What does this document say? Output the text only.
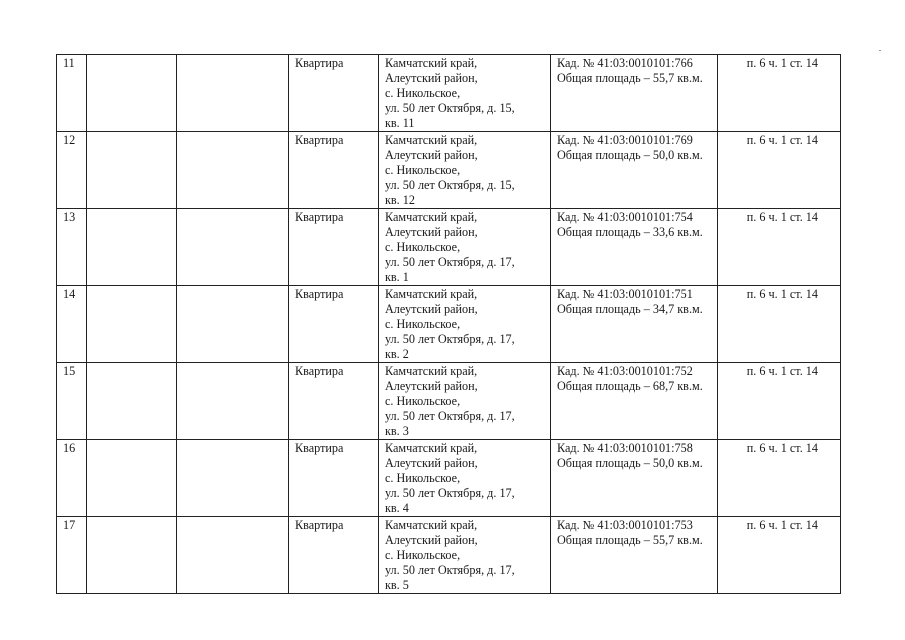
11			Квартира	Камчатский край,
Алеутский район,
с. Никольское,
ул. 50 лет Октября, д. 15,
кв. 11	Кад. № 41:03:0010101:766
Общая площадь – 55,7 кв.м.	п. 6 ч. 1 ст. 14
12			Квартира	Камчатский край,
Алеутский район,
с. Никольское,
ул. 50 лет Октября, д. 15,
кв. 12	Кад. № 41:03:0010101:769
Общая площадь – 50,0 кв.м.	п. 6 ч. 1 ст. 14
13			Квартира	Камчатский край,
Алеутский район,
с. Никольское,
ул. 50 лет Октября, д. 17,
кв. 1	Кад. № 41:03:0010101:754
Общая площадь – 33,6 кв.м.	п. 6 ч. 1 ст. 14
14			Квартира	Камчатский край,
Алеутский район,
с. Никольское,
ул. 50 лет Октября, д. 17,
кв. 2	Кад. № 41:03:0010101:751
Общая площадь – 34,7 кв.м.	п. 6 ч. 1 ст. 14
15			Квартира	Камчатский край,
Алеутский район,
с. Никольское,
ул. 50 лет Октября, д. 17,
кв. 3	Кад. № 41:03:0010101:752
Общая площадь – 68,7 кв.м.	п. 6 ч. 1 ст. 14
16			Квартира	Камчатский край,
Алеутский район,
с. Никольское,
ул. 50 лет Октября, д. 17,
кв. 4	Кад. № 41:03:0010101:758
Общая площадь – 50,0 кв.м.	п. 6 ч. 1 ст. 14
17			Квартира	Камчатский край,
Алеутский район,
с. Никольское,
ул. 50 лет Октября, д. 17,
кв. 5	Кад. № 41:03:0010101:753
Общая площадь – 55,7 кв.м.	п. 6 ч. 1 ст. 14
